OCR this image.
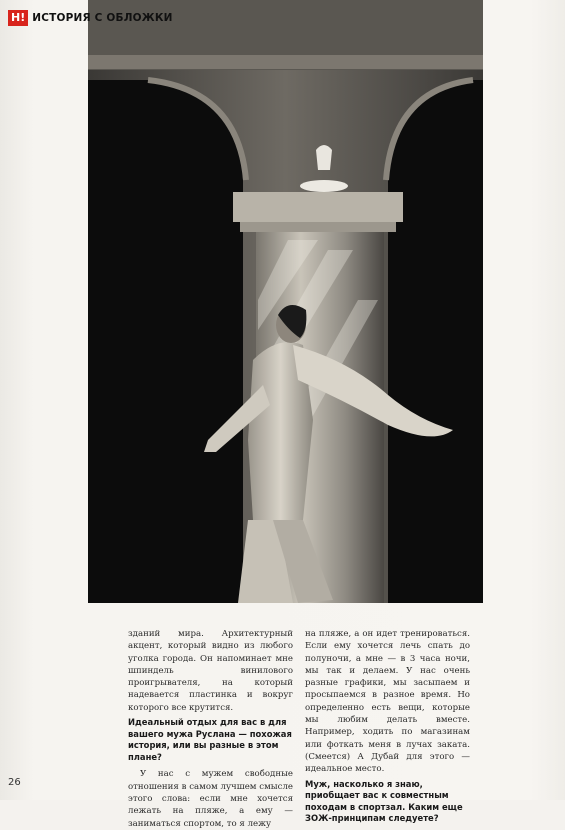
H! ИСТОРИЯ С ОБЛОЖКИ

зданий мира. Архитектурный акцент, который видно из любого уголка города. Он напоминает мне шпиндель винилового проигрывателя, на который надевается пластинка и вокруг которого все крутится.

Идеальный отдых для вас в для вашего мужа Руслана — похожая история, или вы разные в этом плане?

У нас с мужем свободные отношения в самом лучшем смысле этого слова: если мне хочется лежать на пляже, а ему — заниматься спортом, то я лежу

на пляже, а он идет тренироваться. Если ему хочется лечь спать до полуночи, а мне — в 3 часа ночи, мы так и делаем. У нас очень разные графики, мы засыпаем и просыпаемся в разное время. Но определенно есть вещи, которые мы любим делать вместе. Например, ходить по магазинам или фоткать меня в лучах заката. (Смеется) А Дубай для этого — идеальное место.

Муж, насколько я знаю, приобщает вас к совместным походам в спортзал. Каким еще ЗОЖ-принципам следуете?

26
